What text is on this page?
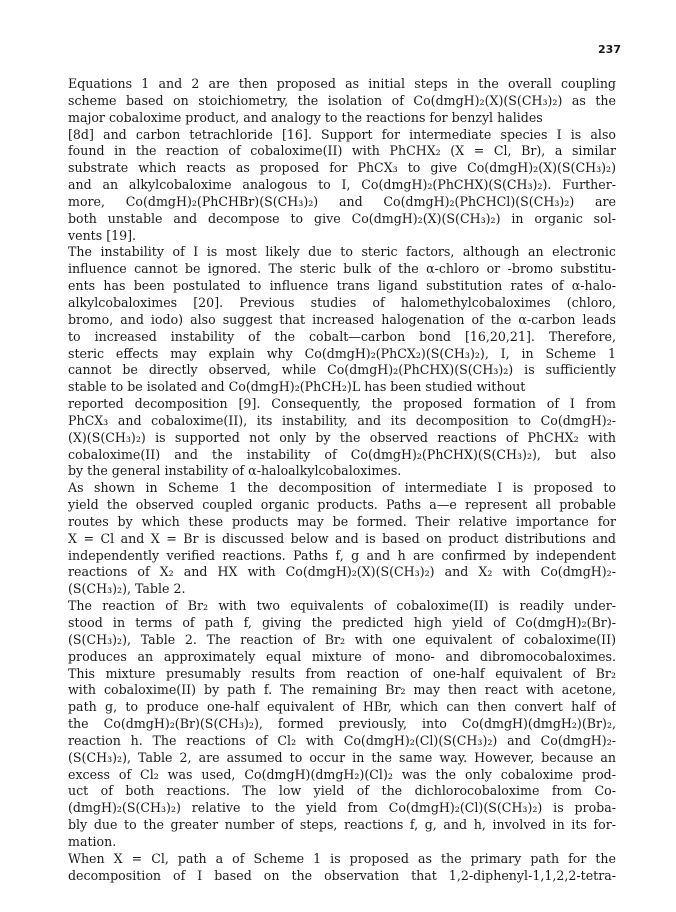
237
Equations 1 and 2 are then proposed as initial steps in the overall coupling
scheme based on stoichiometry, the isolation of Co(dmgH)₂(X)(S(CH₃)₂) as the
major cobaloxime product, and analogy to the reactions for benzyl halides
[8d] and carbon tetrachloride [16]. Support for intermediate species I is also
found in the reaction of cobaloxime(II) with PhCHX₂ (X = Cl, Br), a similar
substrate which reacts as proposed for PhCX₃ to give Co(dmgH)₂(X)(S(CH₃)₂)
and an alkylcobaloxime analogous to I, Co(dmgH)₂(PhCHX)(S(CH₃)₂). Further-
more, Co(dmgH)₂(PhCHBr)(S(CH₃)₂) and Co(dmgH)₂(PhCHCl)(S(CH₃)₂) are
both unstable and decompose to give Co(dmgH)₂(X)(S(CH₃)₂) in organic sol-
vents [19].
The instability of I is most likely due to steric factors, although an electronic
influence cannot be ignored. The steric bulk of the α-chloro or -bromo substitu-
ents has been postulated to influence trans ligand substitution rates of α-halo-
alkylcobaloximes [20]. Previous studies of halomethylcobaloximes (chloro,
bromo, and iodo) also suggest that increased halogenation of the α-carbon leads
to increased instability of the cobalt—carbon bond [16,20,21]. Therefore,
steric effects may explain why Co(dmgH)₂(PhCX₂)(S(CH₃)₂), I, in Scheme 1
cannot be directly observed, while Co(dmgH)₂(PhCHX)(S(CH₃)₂) is sufficiently
stable to be isolated and Co(dmgH)₂(PhCH₂)L has been studied without
reported decomposition [9]. Consequently, the proposed formation of I from
PhCX₃ and cobaloxime(II), its instability, and its decomposition to Co(dmgH)₂-
(X)(S(CH₃)₂) is supported not only by the observed reactions of PhCHX₂ with
cobaloxime(II) and the instability of Co(dmgH)₂(PhCHX)(S(CH₃)₂), but also
by the general instability of α-haloalkylcobaloximes.
As shown in Scheme 1 the decomposition of intermediate I is proposed to
yield the observed coupled organic products. Paths a—e represent all probable
routes by which these products may be formed. Their relative importance for
X = Cl and X = Br is discussed below and is based on product distributions and
independently verified reactions. Paths f, g and h are confirmed by independent
reactions of X₂ and HX with Co(dmgH)₂(X)(S(CH₃)₂) and X₂ with Co(dmgH)₂-
(S(CH₃)₂), Table 2.
The reaction of Br₂ with two equivalents of cobaloxime(II) is readily under-
stood in terms of path f, giving the predicted high yield of Co(dmgH)₂(Br)-
(S(CH₃)₂), Table 2. The reaction of Br₂ with one equivalent of cobaloxime(II)
produces an approximately equal mixture of mono- and dibromocobaloximes.
This mixture presumably results from reaction of one-half equivalent of Br₂
with cobaloxime(II) by path f. The remaining Br₂ may then react with acetone,
path g, to produce one-half equivalent of HBr, which can then convert half of
the Co(dmgH)₂(Br)(S(CH₃)₂), formed previously, into Co(dmgH)(dmgH₂)(Br)₂,
reaction h. The reactions of Cl₂ with Co(dmgH)₂(Cl)(S(CH₃)₂) and Co(dmgH)₂-
(S(CH₃)₂), Table 2, are assumed to occur in the same way. However, because an
excess of Cl₂ was used, Co(dmgH)(dmgH₂)(Cl)₂ was the only cobaloxime prod-
uct of both reactions. The low yield of the dichlorocobaloxime from Co-
(dmgH)₂(S(CH₃)₂) relative to the yield from Co(dmgH)₂(Cl)(S(CH₃)₂) is proba-
bly due to the greater number of steps, reactions f, g, and h, involved in its for-
mation.
When X = Cl, path a of Scheme 1 is proposed as the primary path for the
decomposition of I based on the observation that 1,2-diphenyl-1,1,2,2-tetra-
